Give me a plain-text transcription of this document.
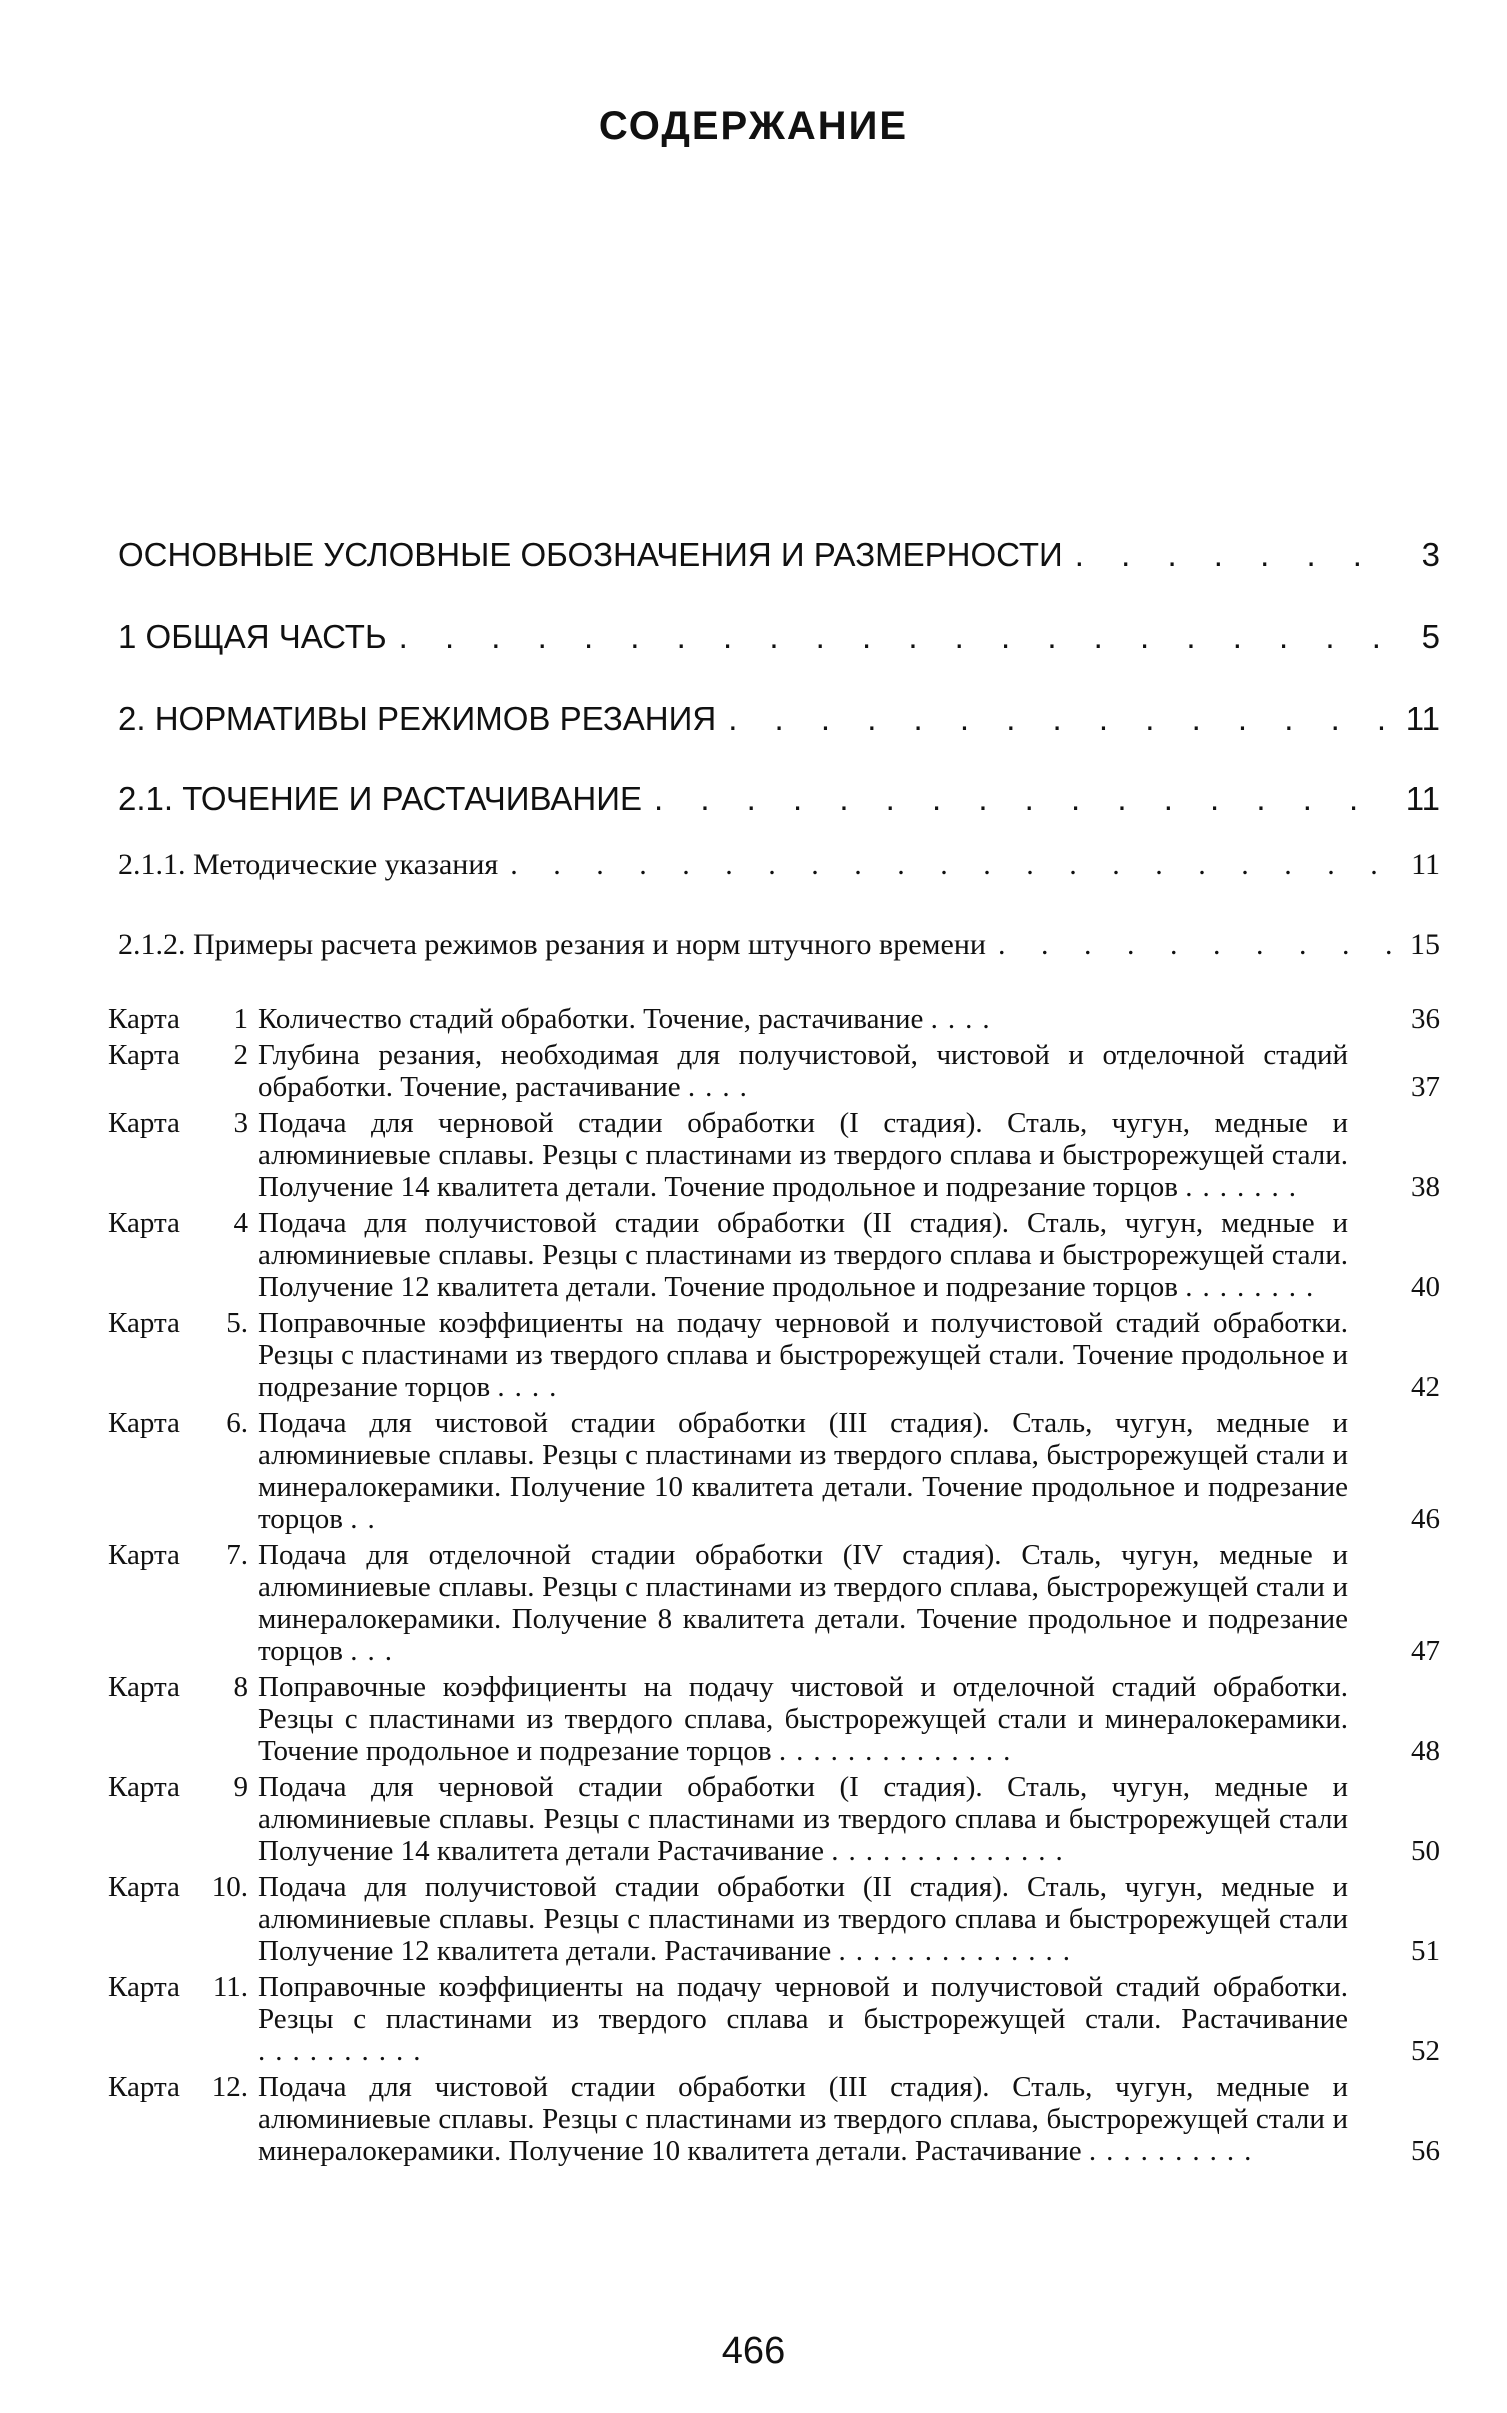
СОДЕРЖАНИЕ
ОСНОВНЫЕ УСЛОВНЫЕ ОБОЗНАЧЕНИЯ И РАЗМЕРНОСТИ . . .	3
1 ОБЩАЯ ЧАСТЬ . . .	5
2. НОРМАТИВЫ РЕЖИМОВ РЕЗАНИЯ . . .	11
2.1. ТОЧЕНИЕ И РАСТАЧИВАНИЕ . . .	11
2.1.1. Методические указания . . .	11
2.1.2. Примеры расчета режимов резания и норм штучного времени . . .	15
Карта	1 Количество стадий обработки. Точение, растачивание ....	36
Карта	2 Глубина резания, необходимая для получистовой, чистовой и отделочной стадий обработки. Точение, растачивание ....	37
Карта	3 Подача для черновой стадии обработки (I стадия). Сталь, чугун, медные и алюминиевые сплавы. Резцы с пластинами из твердого сплава и быстрорежущей стали. Получение 14 квалитета детали. Точение продольное и подрезание торцов .......	38
Карта	4 Подача для получистовой стадии обработки (II стадия). Сталь, чугун, медные и алюминиевые сплавы. Резцы с пластинами из твердого сплава и быстрорежущей стали. Получение 12 квалитета детали. Точение продольное и подрезание торцов ........	40
Карта	5. Поправочные коэффициенты на подачу черновой и получистовой стадий обработки. Резцы с пластинами из твердого сплава и быстрорежущей стали. Точение продольное и подрезание торцов ....	42
Карта	6. Подача для чистовой стадии обработки (III стадия). Сталь, чугун, медные и алюминиевые сплавы. Резцы с пластинами из твердого сплава, быстрорежущей стали и минералокерамики. Получение 10 квалитета детали. Точение продольное и подрезание торцов ..	46
Карта	7. Подача для отделочной стадии обработки (IV стадия). Сталь, чугун, медные и алюминиевые сплавы. Резцы с пластинами из твердого сплава, быстрорежущей стали и минералокерамики. Получение 8 квалитета детали. Точение продольное и подрезание торцов ...	47
Карта	8 Поправочные коэффициенты на подачу чистовой и отделочной стадий обработки. Резцы с пластинами из твердого сплава, быстрорежущей стали и минералокерамики. Точение продольное и подрезание торцов ..............	48
Карта	9 Подача для черновой стадии обработки (I стадия). Сталь, чугун, медные и алюминиевые сплавы. Резцы с пластинами из твердого сплава и быстрорежущей стали Получение 14 квалитета детали Растачивание ..............	50
Карта	10. Подача для получистовой стадии обработки (II стадия). Сталь, чугун, медные и алюминиевые сплавы. Резцы с пластинами из твердого сплава и быстрорежущей стали Получение 12 квалитета детали. Растачивание ..............	51
Карта	11. Поправочные коэффициенты на подачу черновой и получистовой стадий обработки. Резцы с пластинами из твердого сплава и быстрорежущей стали. Растачивание ..........	52
Карта	12. Подача для чистовой стадии обработки (III стадия). Сталь, чугун, медные и алюминиевые сплавы. Резцы с пластинами из твердого сплава, быстрорежущей стали и минералокерамики. Получение 10 квалитета детали. Растачивание ..........	56
466
